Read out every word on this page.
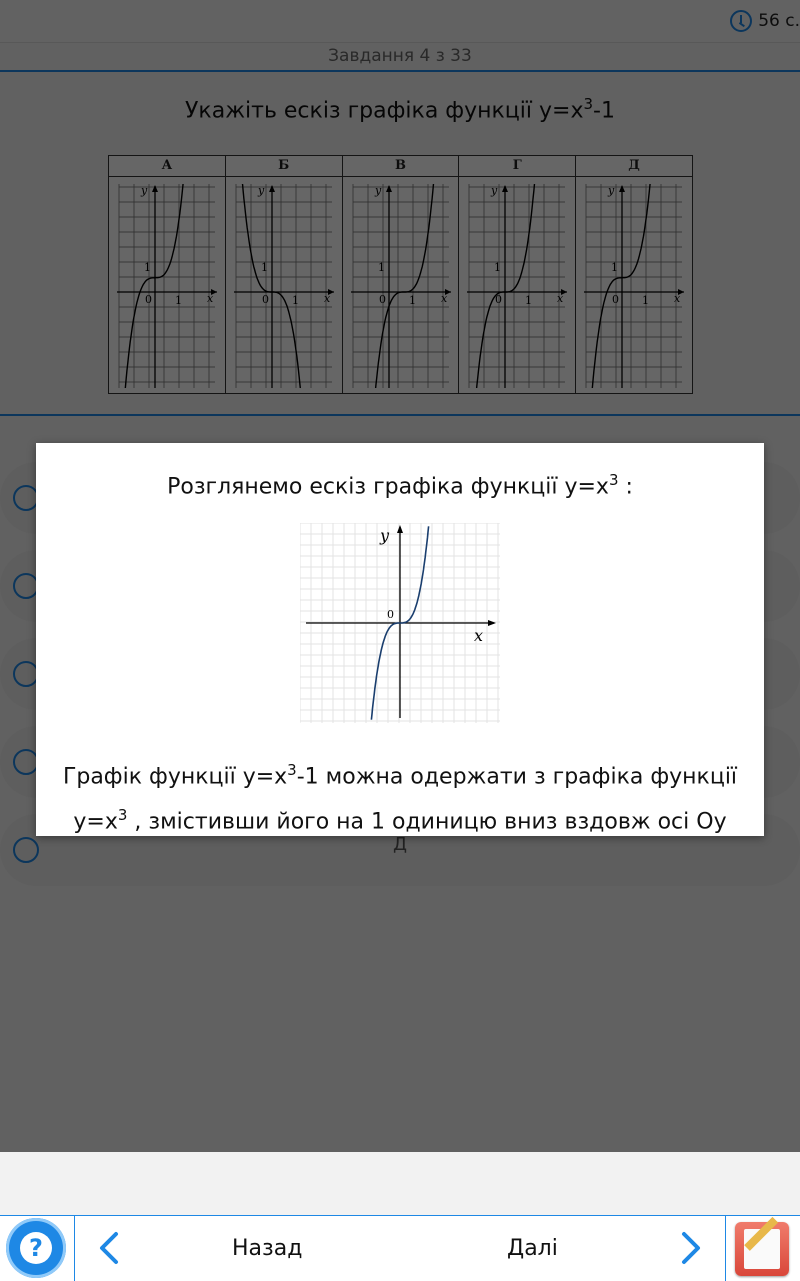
Розглянемо ескіз графіка функції $y=x^3$ :
y
x
0
Графік функції $y=x^3-1$ можна одержати з графіка функції
$y=x^3$ , змістивши його на 1 одиницю вниз вздовж осі Oy
?	Назад	Далі
